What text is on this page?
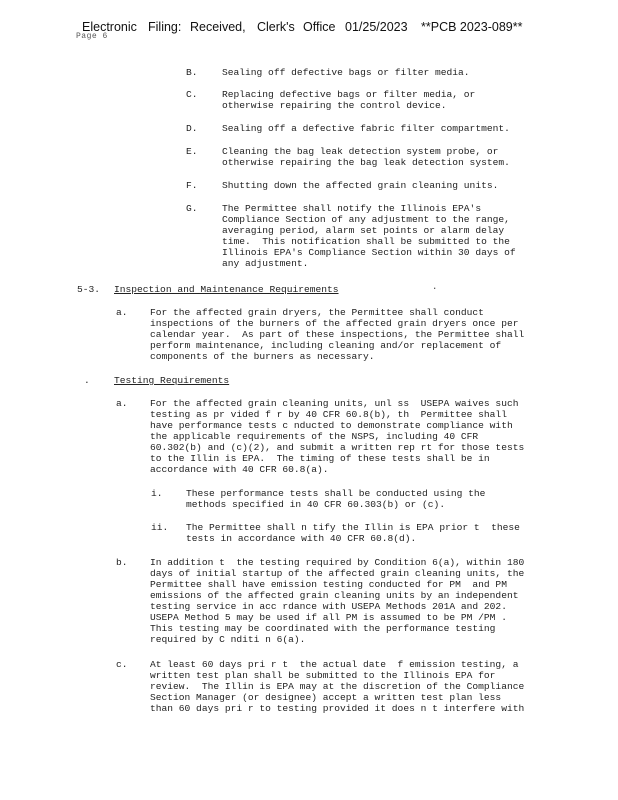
Electronic Filing: Received, Clerk's Office 01/25/2023 **PCB 2023-089**
Page 6
B.	Sealing off defective bags or filter media.
C.	Replacing defective bags or filter media, or
otherwise repairing the control device.
D.	Sealing off a defective fabric filter compartment.
E.	Cleaning the bag leak detection system probe, or
otherwise repairing the bag leak detection system.
F.	Shutting down the affected grain cleaning units.
G.	The Permittee shall notify the Illinois EPA's
Compliance Section of any adjustment to the range,
averaging period, alarm set points or alarm delay
time.  This notification shall be submitted to the
Illinois EPA's Compliance Section within 30 days of
any adjustment.
5-3. Inspection and Maintenance Requirements	.
a. For the affected grain dryers, the Permittee shall conduct
inspections of the burners of the affected grain dryers once per
calendar year.  As part of these inspections, the Permittee shall
perform maintenance, including cleaning and/or replacement of
components of the burners as necessary.
.	Testing Requirements
a. For the affected grain cleaning units, unl ss  USEPA waives such
testing as pr vided f r by 40 CFR 60.8(b), th  Permittee shall
have performance tests c nducted to demonstrate compliance with
the applicable requirements of the NSPS, including 40 CFR
60.302(b) and (c)(2), and submit a written rep rt for those tests
to the Illin is EPA.  The timing of these tests shall be in
accordance with 40 CFR 60.8(a).
i. These performance tests shall be conducted using the
methods specified in 40 CFR 60.303(b) or (c).
ii. The Permittee shall n tify the Illin is EPA prior t  these
tests in accordance with 40 CFR 60.8(d).
b. In addition t  the testing required by Condition 6(a), within 180
days of initial startup of the affected grain cleaning units, the
Permittee shall have emission testing conducted for PM  and PM
emissions of the affected grain cleaning units by an independent
testing service in acc rdance with USEPA Methods 201A and 202.
USEPA Method 5 may be used if all PM is assumed to be PM /PM .
This testing may be coordinated with the performance testing
required by C nditi n 6(a).
c. At least 60 days pri r t  the actual date  f emission testing, a
written test plan shall be submitted to the Illinois EPA for
review.  The Illin is EPA may at the discretion of the Compliance
Section Manager (or designee) accept a written test plan less
than 60 days pri r to testing provided it does n t interfere with
